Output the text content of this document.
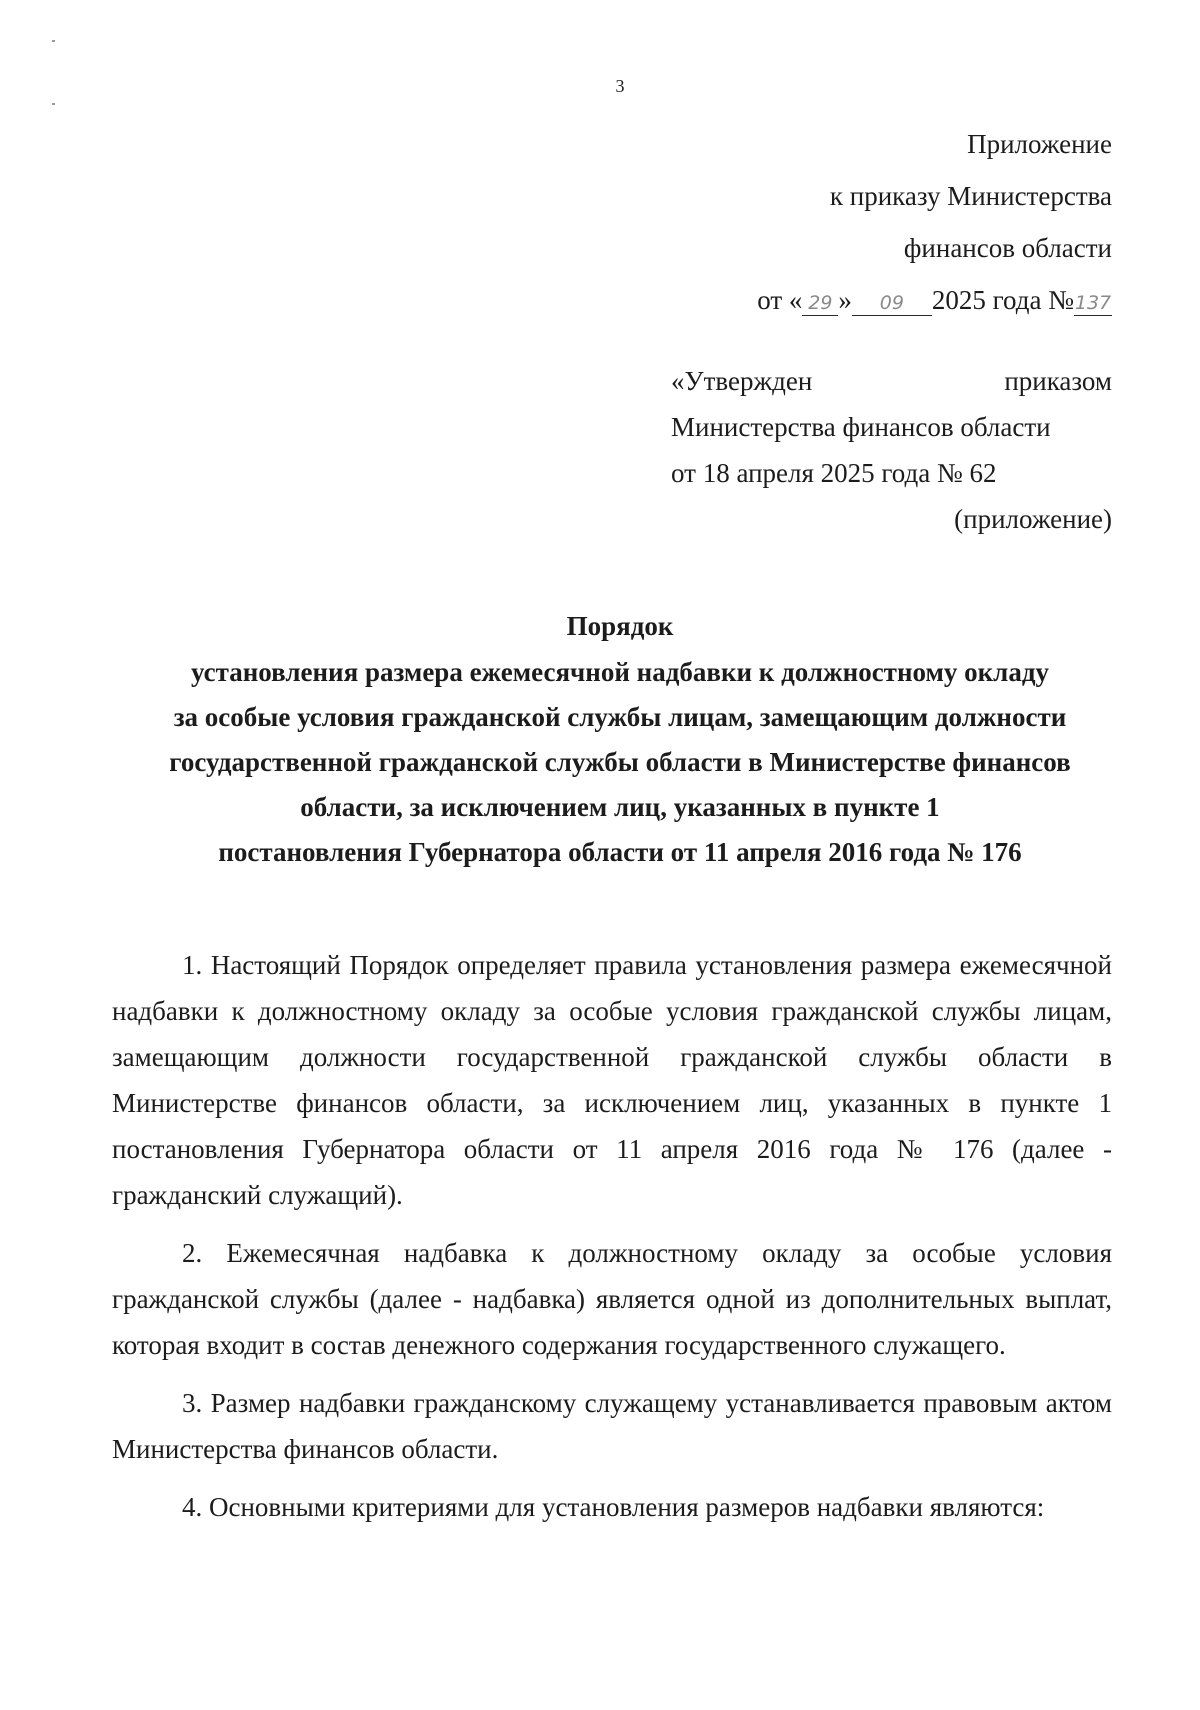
3
Приложение
к приказу Министерства
финансов области
от « 29 » 09 2025 года №137
«Утвержден	приказом
Министерства финансов области
от 18 апреля 2025 года № 62
(приложение)
Порядок
установления размера ежемесячной надбавки к должностному окладу
за особые условия гражданской службы лицам, замещающим должности
государственной гражданской службы области в Министерстве финансов
области, за исключением лиц, указанных в пункте 1
постановления Губернатора области от 11 апреля 2016 года № 176

1. Настоящий Порядок определяет правила установления размера ежемесячной надбавки к должностному окладу за особые условия гражданской службы лицам, замещающим должности государственной гражданской службы области в Министерстве финансов области, за исключением лиц, указанных в пункте 1 постановления Губернатора области от 11 апреля 2016 года № 176 (далее - гражданский служащий).

2. Ежемесячная надбавка к должностному окладу за особые условия гражданской службы (далее - надбавка) является одной из дополнительных выплат, которая входит в состав денежного содержания государственного служащего.

3. Размер надбавки гражданскому служащему устанавливается правовым актом Министерства финансов области.

4. Основными критериями для установления размеров надбавки являются:
